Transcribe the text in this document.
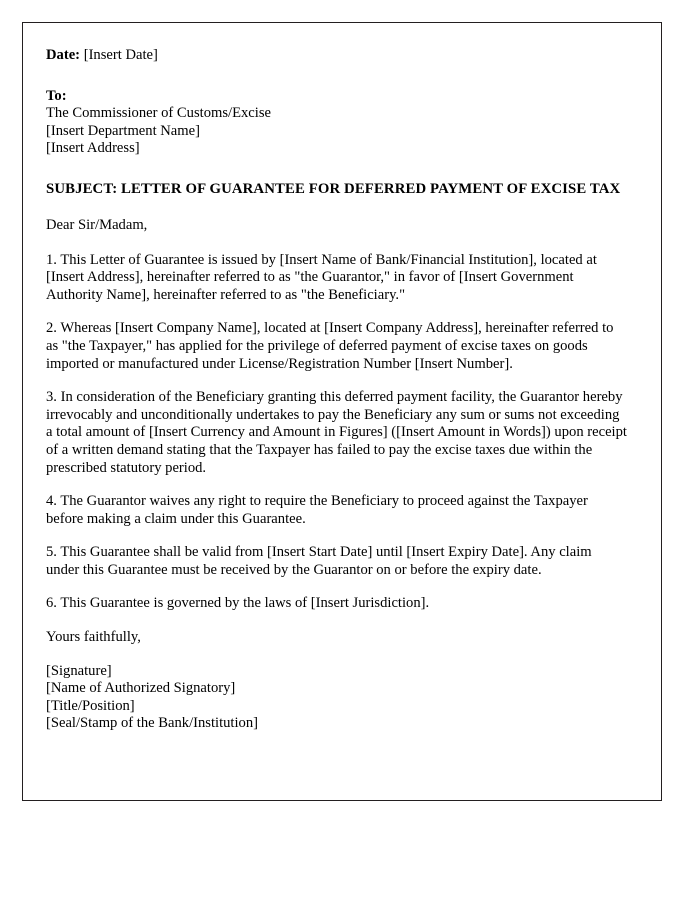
Date: [Insert Date]

To:
The Commissioner of Customs/Excise
[Insert Department Name]
[Insert Address]

SUBJECT: LETTER OF GUARANTEE FOR DEFERRED PAYMENT OF EXCISE TAX

Dear Sir/Madam,

1. This Letter of Guarantee is issued by [Insert Name of Bank/Financial Institution], located at [Insert Address], hereinafter referred to as "the Guarantor," in favor of [Insert Government Authority Name], hereinafter referred to as "the Beneficiary."

2. Whereas [Insert Company Name], located at [Insert Company Address], hereinafter referred to as "the Taxpayer," has applied for the privilege of deferred payment of excise taxes on goods imported or manufactured under License/Registration Number [Insert Number].

3. In consideration of the Beneficiary granting this deferred payment facility, the Guarantor hereby irrevocably and unconditionally undertakes to pay the Beneficiary any sum or sums not exceeding a total amount of [Insert Currency and Amount in Figures] ([Insert Amount in Words]) upon receipt of a written demand stating that the Taxpayer has failed to pay the excise taxes due within the prescribed statutory period.

4. The Guarantor waives any right to require the Beneficiary to proceed against the Taxpayer before making a claim under this Guarantee.

5. This Guarantee shall be valid from [Insert Start Date] until [Insert Expiry Date]. Any claim under this Guarantee must be received by the Guarantor on or before the expiry date.

6. This Guarantee is governed by the laws of [Insert Jurisdiction].

Yours faithfully,

[Signature]
[Name of Authorized Signatory]
[Title/Position]
[Seal/Stamp of the Bank/Institution]
